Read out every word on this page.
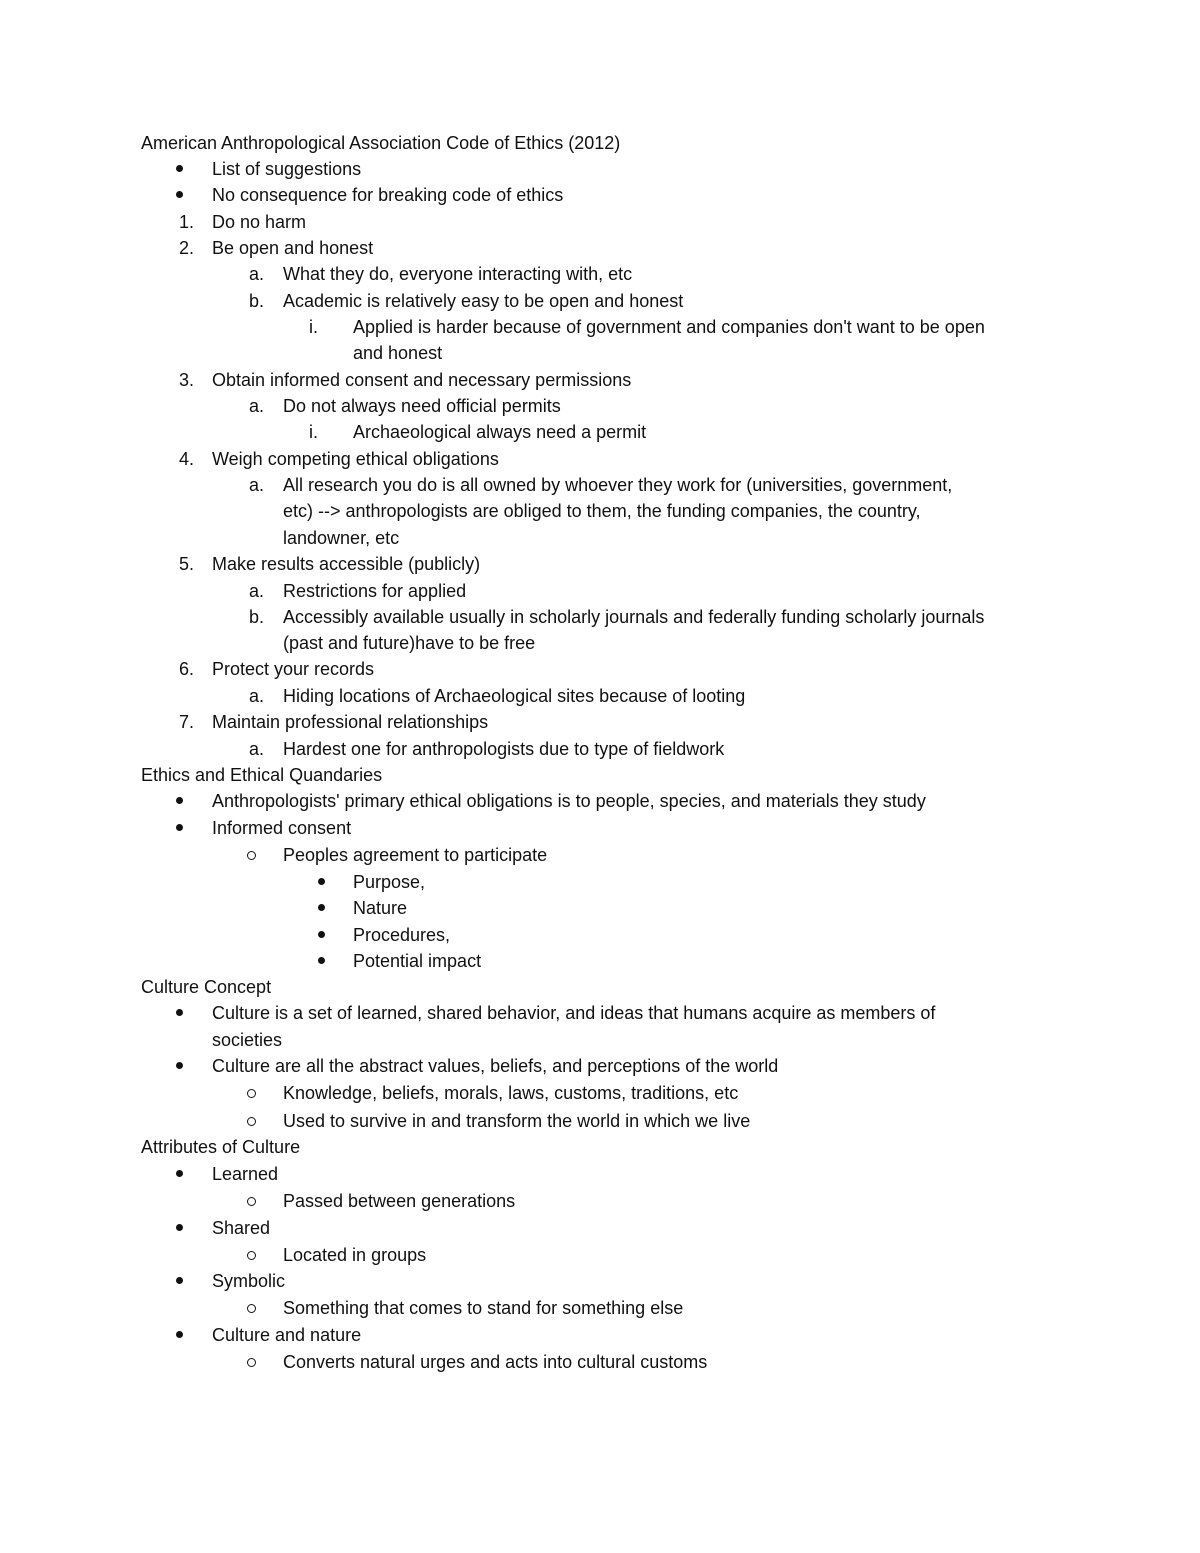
American Anthropological Association Code of Ethics (2012)
List of suggestions
No consequence for breaking code of ethics
1. Do no harm
2. Be open and honest
a. What they do, everyone interacting with, etc
b. Academic is relatively easy to be open and honest
i. Applied is harder because of government and companies don't want to be open
and honest
3. Obtain informed consent and necessary permissions
a. Do not always need official permits
i. Archaeological always need a permit
4. Weigh competing ethical obligations
a. All research you do is all owned by whoever they work for (universities, government,
etc) --> anthropologists are obliged to them, the funding companies, the country,
landowner, etc
5. Make results accessible (publicly)
a. Restrictions for applied
b. Accessibly available usually in scholarly journals and federally funding scholarly journals
(past and future)have to be free
6. Protect your records
a. Hiding locations of Archaeological sites because of looting
7. Maintain professional relationships
a. Hardest one for anthropologists due to type of fieldwork
Ethics and Ethical Quandaries
Anthropologists' primary ethical obligations is to people, species, and materials they study
Informed consent
Peoples agreement to participate
Purpose,
Nature
Procedures,
Potential impact
Culture Concept
Culture is a set of learned, shared behavior, and ideas that humans acquire as members of
societies
Culture are all the abstract values, beliefs, and perceptions of the world
Knowledge, beliefs, morals, laws, customs, traditions, etc
Used to survive in and transform the world in which we live
Attributes of Culture
Learned
Passed between generations
Shared
Located in groups
Symbolic
Something that comes to stand for something else
Culture and nature
Converts natural urges and acts into cultural customs
